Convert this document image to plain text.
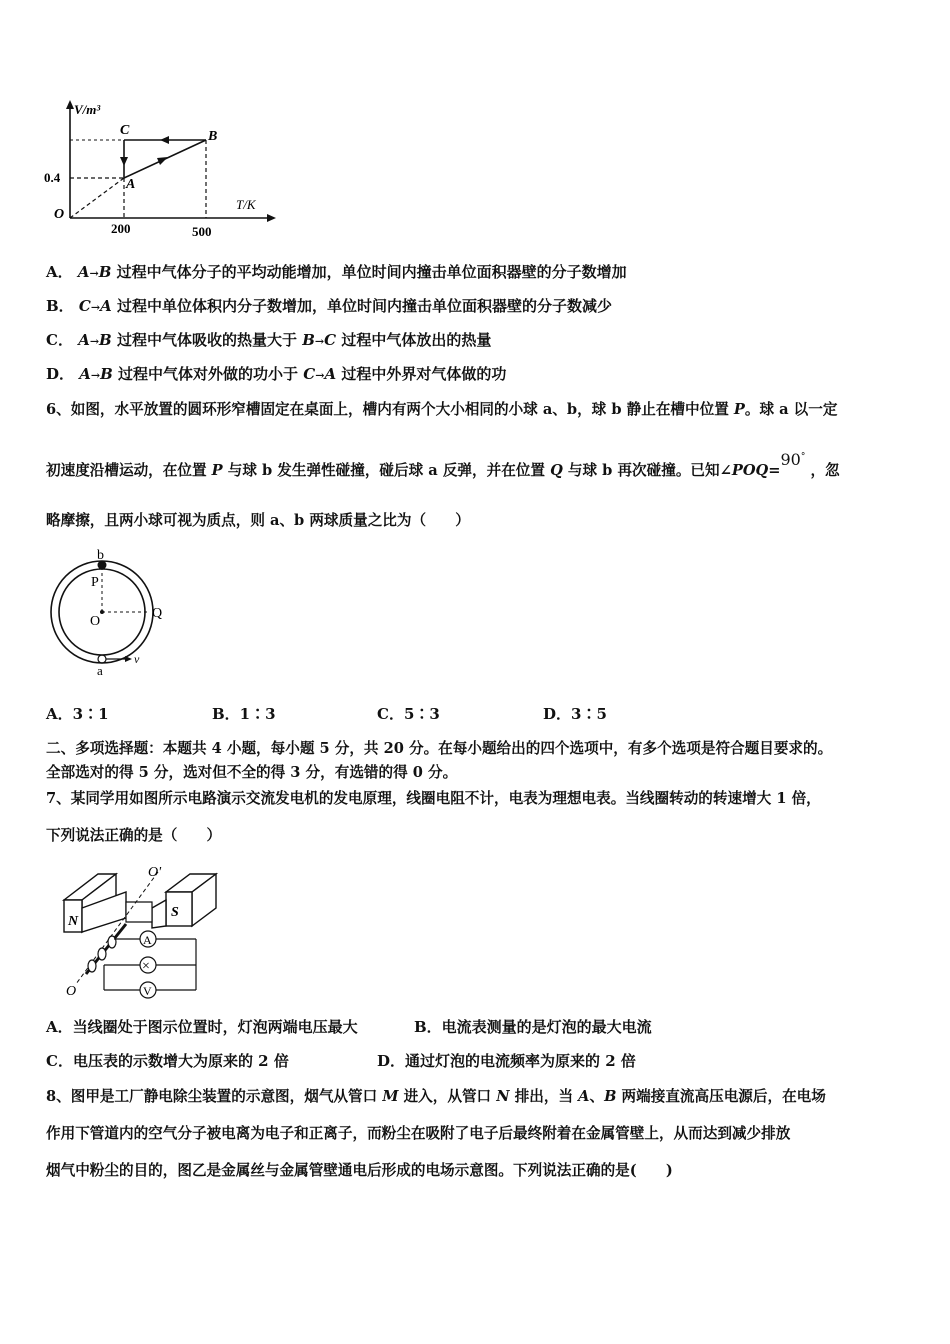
V/m³
T/K
O
0.4
200	500
A
B
C
A． A→B 过程中气体分子的平均动能增加，单位时间内撞击单位面积器壁的分子数增加
B． C→A 过程中单位体积内分子数增加，单位时间内撞击单位面积器壁的分子数减少
C． A→B 过程中气体吸收的热量大于 B→C 过程中气体放出的热量
D． A→B 过程中气体对外做的功小于 C→A 过程中外界对气体做的功
6、如图，水平放置的圆环形窄槽固定在桌面上，槽内有两个大小相同的小球 a、b，球 b 静止在槽中位置 P。球 a 以一定
初速度沿槽运动，在位置 P 与球 b 发生弹性碰撞，碰后球 a 反弹，并在位置 Q 与球 b 再次碰撞。已知∠POQ=90° ，忽
略摩擦，且两小球可视为质点，则 a、b 两球质量之比为（　　）
b
P
O
Q
a
v
A．3∶1	B．1∶3	C．5∶3	D．3∶5
二、多项选择题：本题共 4 小题，每小题 5 分，共 20 分。在每小题给出的四个选项中，有多个选项是符合题目要求的。
全部选对的得 5 分，选对但不全的得 3 分，有选错的得 0 分。
7、某同学用如图所示电路演示交流发电机的发电原理，线圈电阻不计，电表为理想电表。当线圈转动的转速增大 1 倍，
下列说法正确的是（　　）
A
×
V
O'
O
N
S
A．当线圈处于图示位置时，灯泡两端电压最大	B．电流表测量的是灯泡的最大电流
C．电压表的示数增大为原来的 2 倍	D．通过灯泡的电流频率为原来的 2 倍
8、图甲是工厂静电除尘装置的示意图，烟气从管口 M 进入，从管口 N 排出，当 A、B 两端接直流高压电源后，在电场
作用下管道内的空气分子被电离为电子和正离子，而粉尘在吸附了电子后最终附着在金属管壁上，从而达到减少排放
烟气中粉尘的目的，图乙是金属丝与金属管壁通电后形成的电场示意图。下列说法正确的是(　　)
